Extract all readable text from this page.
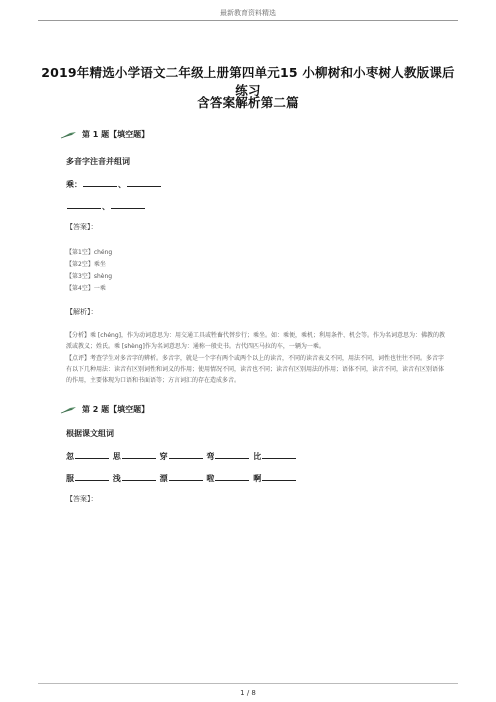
最新教育资料精选
2019年精选小学语文二年级上册第四单元15 小柳树和小枣树人教版课后练习
含答案解析第二篇
第 1 题【填空题】
多音字注音并组词
乘：	、
、
【答案】：
【第1空】chéng
【第2空】乘坐
【第3空】shèng
【第4空】一乘
【解析】：
【分析】乘 [chéng]，作为动词意思为：用交通工具或牲畜代替步行；乘坐。如：乘便，乘机；利用条件、机会等。作为名词意思为：佛教的教派或教义；姓氏。乘 [shèng]作为名词意思为：通称一般史书。古代四匹马拉的车，一辆为一乘。
【点评】考查学生对多音字的辨析。多音字，就是一个字有两个或两个以上的读音，不同的读音表义不同，用法不同，词性也往往不同。多音字有以下几种用法：读音有区别词性和词义的作用；使用情况不同，读音也不同；读音有区别用法的作用；语体不同，读音不同，读音有区别语体的作用，主要体现为口语和书面语等；方言词汇的存在造成多音。
第 2 题【填空题】
根据课文组词
忽	思	穿	弯	比
服	浅	漂	啦	啊
【答案】：
1 / 8
